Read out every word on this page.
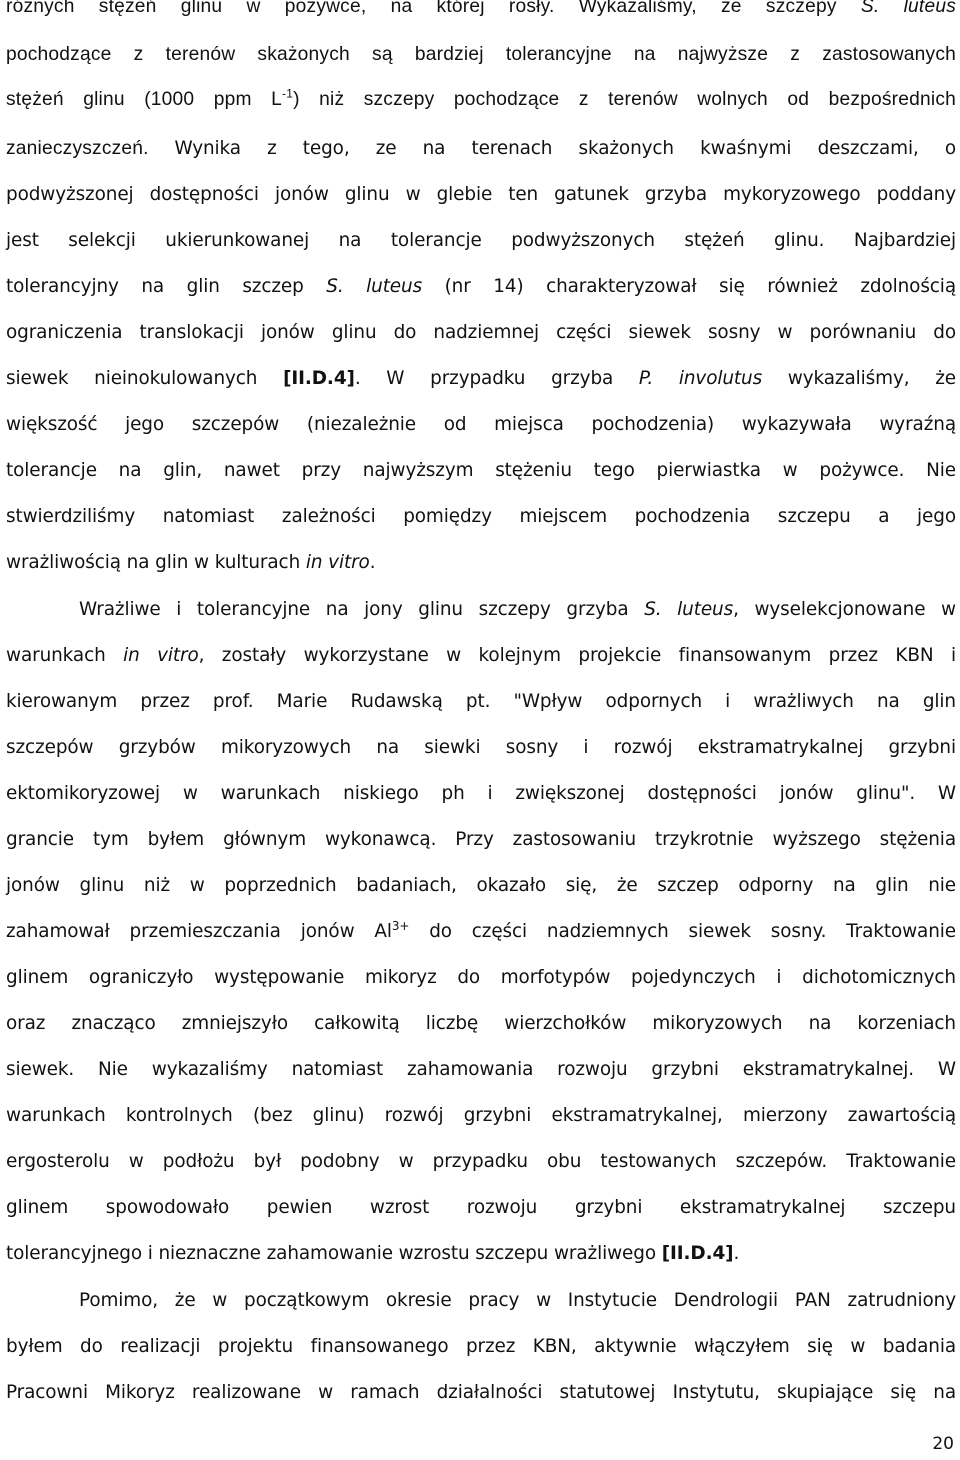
różnych stężeń glinu w pożywce, na której rosły. Wykazaliśmy, że szczepy S. luteus
pochodzące z terenów skażonych są bardziej tolerancyjne na najwyższe z zastosowanych
stężeń glinu (1000 ppm $L^{-1}$) niż szczepy pochodzące z terenów wolnych od bezpośrednich
zanieczyszczeń. Wynika z tego, ze na terenach skażonych kwaśnymi deszczami, o
podwyższonej dostępności jonów glinu w glebie ten gatunek grzyba mykoryzowego poddany
jest selekcji ukierunkowanej na tolerancje podwyższonych stężeń glinu. Najbardziej
tolerancyjny na glin szczep S. luteus (nr 14) charakteryzował się również zdolnością
ograniczenia translokacji jonów glinu do nadziemnej części siewek sosny w porównaniu do
siewek nieinokulowanych [II.D.4]. W przypadku grzyba P. involutus wykazaliśmy, że
większość jego szczepów (niezależnie od miejsca pochodzenia) wykazywała wyraźną
tolerancje na glin, nawet przy najwyższym stężeniu tego pierwiastka w pożywce. Nie
stwierdziliśmy natomiast zależności pomiędzy miejscem pochodzenia szczepu a jego
wrażliwością na glin w kulturach in vitro.
Wrażliwe i tolerancyjne na jony glinu szczepy grzyba S. luteus, wyselekcjonowane w
warunkach in vitro, zostały wykorzystane w kolejnym projekcie finansowanym przez KBN i
kierowanym przez prof. Marie Rudawską pt. "Wpływ odpornych i wrażliwych na glin
szczepów grzybów mikoryzowych na siewki sosny i rozwój ekstramatrykalnej grzybni
ektomikoryzowej w warunkach niskiego ph i zwiększonej dostępności jonów glinu". W
grancie tym byłem głównym wykonawcą. Przy zastosowaniu trzykrotnie wyższego stężenia
jonów glinu niż w poprzednich badaniach, okazało się, że szczep odporny na glin nie
zahamował przemieszczania jonów $Al^{3+}$ do części nadziemnych siewek sosny. Traktowanie
glinem ograniczyło występowanie mikoryz do morfotypów pojedynczych i dichotomicznych
oraz znacząco zmniejszyło całkowitą liczbę wierzchołków mikoryzowych na korzeniach
siewek. Nie wykazaliśmy natomiast zahamowania rozwoju grzybni ekstramatrykalnej. W
warunkach kontrolnych (bez glinu) rozwój grzybni ekstramatrykalnej, mierzony zawartością
ergosterolu w podłożu był podobny w przypadku obu testowanych szczepów. Traktowanie
glinem spowodowało pewien wzrost rozwoju grzybni ekstramatrykalnej szczepu
tolerancyjnego i nieznaczne zahamowanie wzrostu szczepu wrażliwego [II.D.4].
Pomimo, że w początkowym okresie pracy w Instytucie Dendrologii PAN zatrudniony
byłem do realizacji projektu finansowanego przez KBN, aktywnie włączyłem się w badania
Pracowni Mikoryz realizowane w ramach działalności statutowej Instytutu, skupiające się na
20
